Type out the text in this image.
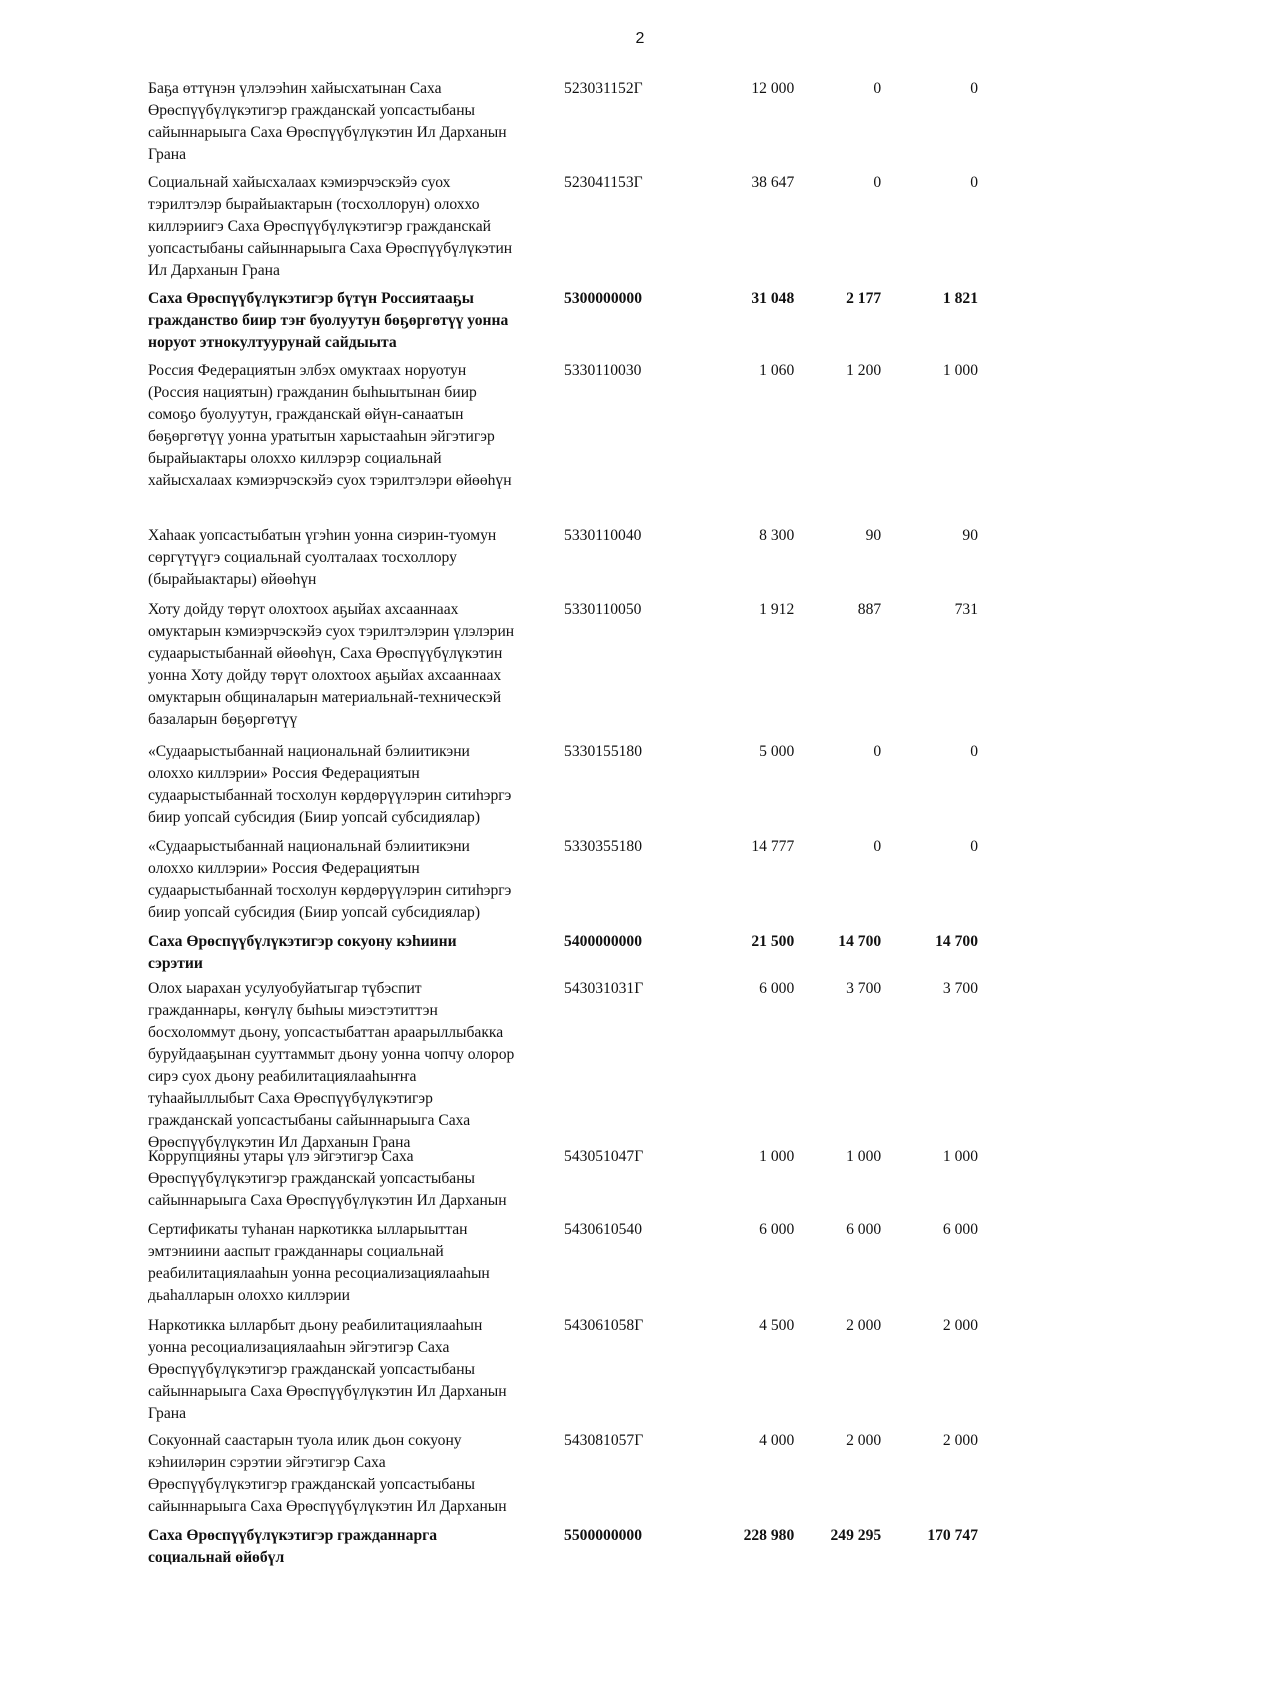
2
Баҕа өттүнэн үлэлээһин хайысхатынан Саха
Өрөспүүбүлүкэтигэр гражданскай уопсастыбаны
сайыннарыыга Саха Өрөспүүбүлүкэтин Ил Дарханын
Грана
523031152Г	12 000	0	0
Социальнай хайысхалаах кэмиэрчэскэйэ суох
тэрилтэлэр бырайыактарын (тосхоллорун) олоххо
киллэриигэ Саха Өрөспүүбүлүкэтигэр гражданскай
уопсастыбаны сайыннарыыга Саха Өрөспүүбүлүкэтин
Ил Дарханын Грана
523041153Г	38 647	0	0
Саха Өрөспүүбүлүкэтигэр бүтүн Россиятааҕы
гражданство биир тэҥ буолуутун бөҕөргөтүү уонна
норуот этнокултуурунай сайдыыта
5300000000	31 048	2 177	1 821
Россия Федерациятын элбэх омуктаах норуотун
(Россия нациятын) гражданин быһыытынан биир
сомоҕо буолуутун, гражданскай өйүн-санаатын
бөҕөргөтүү уонна уратытын харыстааһын эйгэтигэр
бырайыактары олоххо киллэрэр социальнай
хайысхалаах кэмиэрчэскэйэ суох тэрилтэлэри өйөөһүн
5330110030	1 060	1 200	1 000
Хаһаак уопсастыбатын үгэһин уонна сиэрин-туомун
сөргүтүүгэ социальнай суолталаах тосхоллору
(бырайыактары) өйөөһүн
5330110040	8 300	90	90
Хоту дойду төрүт олохтоох аҕыйах ахсааннаах
омуктарын кэмиэрчэскэйэ суох тэрилтэлэрин үлэлэрин
судаарыстыбаннай өйөөһүн, Саха Өрөспүүбүлүкэтин
уонна Хоту дойду төрүт олохтоох аҕыйах ахсааннаах
омуктарын общиналарын материальнай-техническэй
базаларын бөҕөргөтүү
5330110050	1 912	887	731
«Судаарыстыбаннай национальнай бэлиитикэни
олоххо киллэрии» Россия Федерациятын
судаарыстыбаннай тосхолун көрдөрүүлэрин ситиһэргэ
биир уопсай субсидия (Биир уопсай субсидиялар)
5330155180	5 000	0	0
«Судаарыстыбаннай национальнай бэлиитикэни
олоххо киллэрии» Россия Федерациятын
судаарыстыбаннай тосхолун көрдөрүүлэрин ситиһэргэ
биир уопсай субсидия (Биир уопсай субсидиялар)
5330355180	14 777	0	0
Саха Өрөспүүбүлүкэтигэр сокуону кэһиини
сэрэтии
5400000000	21 500	14 700	14 700
Олох ыарахан усулуобуйатыгар түбэспит
гражданнары, көҥүлү быһыы миэстэтиттэн
босхоломмут дьону, уопсастыбаттан араарыллыбакка
буруйдааҕынан сууттаммыт дьону уонна чопчу олорор
сирэ суох дьону реабилитациялааһыҥҥа
туһаайыллыбыт Саха Өрөспүүбүлүкэтигэр
гражданскай уопсастыбаны сайыннарыыга Саха
Өрөспүүбүлүкэтин Ил Дарханын Грана
543031031Г	6 000	3 700	3 700
Коррупцияны утары үлэ эйгэтигэр Саха
Өрөспүүбүлүкэтигэр гражданскай уопсастыбаны
сайыннарыыга Саха Өрөспүүбүлүкэтин Ил Дарханын
543051047Г	1 000	1 000	1 000
Сертификаты туһанан наркотикка ылларыыттан
эмтэниини ааспыт гражданнары социальнай
реабилитациялааһын уонна ресоциализациялааһын
дьаһалларын олоххо киллэрии
5430610540	6 000	6 000	6 000
Наркотикка ылларбыт дьону реабилитациялааһын
уонна ресоциализациялааһын эйгэтигэр Саха
Өрөспүүбүлүкэтигэр гражданскай уопсастыбаны
сайыннарыыга Саха Өрөспүүбүлүкэтин Ил Дарханын
Грана
543061058Г	4 500	2 000	2 000
Сокуоннай саастарын туола илик дьон сокуону
кэһииләрин сэрэтии эйгэтигэр Саха
Өрөспүүбүлүкэтигэр гражданскай уопсастыбаны
сайыннарыыга Саха Өрөспүүбүлүкэтин Ил Дарханын
543081057Г	4 000	2 000	2 000
Саха Өрөспүүбүлүкэтигэр гражданнарга
социальнай өйөбүл
5500000000	228 980	249 295	170 747
